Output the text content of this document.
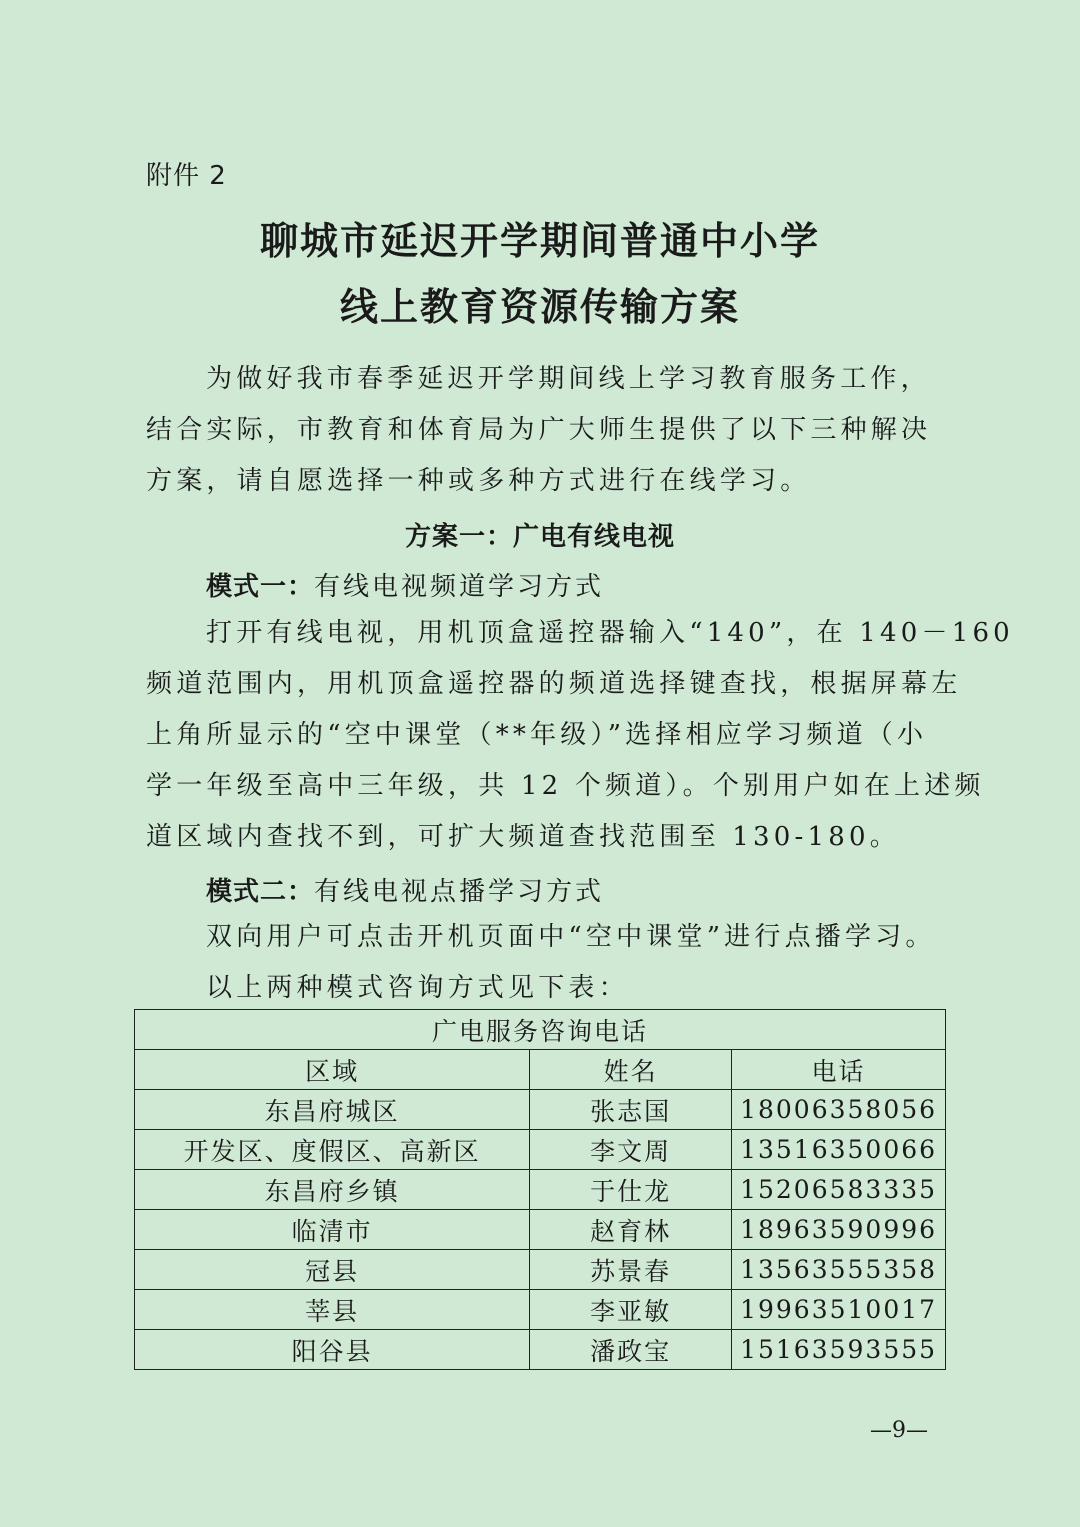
附件 2
聊城市延迟开学期间普通中小学
线上教育资源传输方案
为做好我市春季延迟开学期间线上学习教育服务工作，
结合实际，市教育和体育局为广大师生提供了以下三种解决
方案，请自愿选择一种或多种方式进行在线学习。
方案一：广电有线电视
模式一：有线电视频道学习方式
打开有线电视，用机顶盒遥控器输入“140”，在 140－160
频道范围内，用机顶盒遥控器的频道选择键查找，根据屏幕左
上角所显示的“空中课堂（**年级）”选择相应学习频道（小
学一年级至高中三年级，共 12 个频道）。个别用户如在上述频
道区域内查找不到，可扩大频道查找范围至 130-180。
模式二：有线电视点播学习方式
双向用户可点击开机页面中“空中课堂”进行点播学习。
以上两种模式咨询方式见下表：
广电服务咨询电话		
区域	姓名	电话
东昌府城区	张志国	18006358056
开发区、度假区、高新区	李文周	13516350066
东昌府乡镇	于仕龙	15206583335
临清市	赵育林	18963590996
冠县	苏景春	13563555358
莘县	李亚敏	19963510017
阳谷县	潘政宝	15163593555
—9—
